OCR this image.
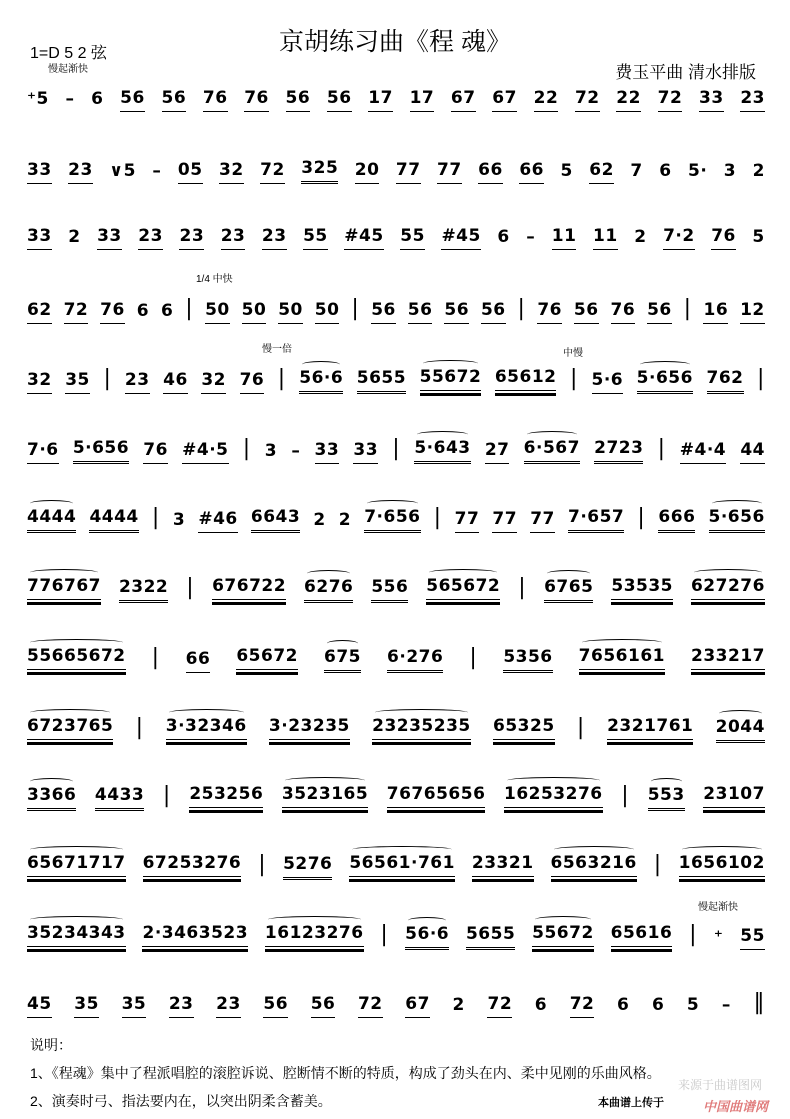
京胡练习曲《程 魂》
1=D 5 2 弦
费玉平曲 清水排版
慢起渐快
1/4 中快
慢一倍	中慢
慢起渐快
⁺5 – 6 56 56 76 76 56 56 17 17 67 67 22 72 22 72 33 23
33 23 ∨5 – 05 32 72 325 20 77 77 66 66 5 62 7 6 5· 3 2
33 2 33 23 23 23 23 55 #45 55 #45 6 – 11 11 2 7·2 76 5
62 72 76 6 6 | 50 50 50 50 | 56 56 56 56 | 76 56 76 56 | 16 12
32 35 | 23 46 32 76 | 56·6 5655 55672 65612 | 5·6 5·656 762 |
7·6 5·656 76 #4·5 | 3 – 33 33 | 5·643 27 6·567 2723 | #4·4 44
4444 4444 | 3 #46 6643 2 2 7·656 | 77 77 77 7·657 | 666 5·656
776767 2322 | 676722 6276 556 565672 | 6765 53535 627276
55665672 | 66 65672 675 6·276 | 5356 7656161 233217
6723765 | 3·32346 3·23235 23235235 65325 | 2321761 2044
3366 4433 | 253256 3523165 76765656 16253276 | 553 23107
65671717 67253276 | 5276 56561·761 23321 6563216 | 1656102
35234343 2·3463523 16123276 | 56·6 5655 55672 65616 | ⁺ 55
45 35 35 23 23 56 56 72 67 2 72 6 72 6 6 5 – ‖
说明：
1、《程魂》集中了程派唱腔的滚腔诉说、腔断情不断的特质，构成了劲头在内、柔中见刚的乐曲风格。
2、演奏时弓、指法要内在，以突出阴柔含蓄美。
来源于曲谱图网
本曲谱上传于	中国曲谱网
